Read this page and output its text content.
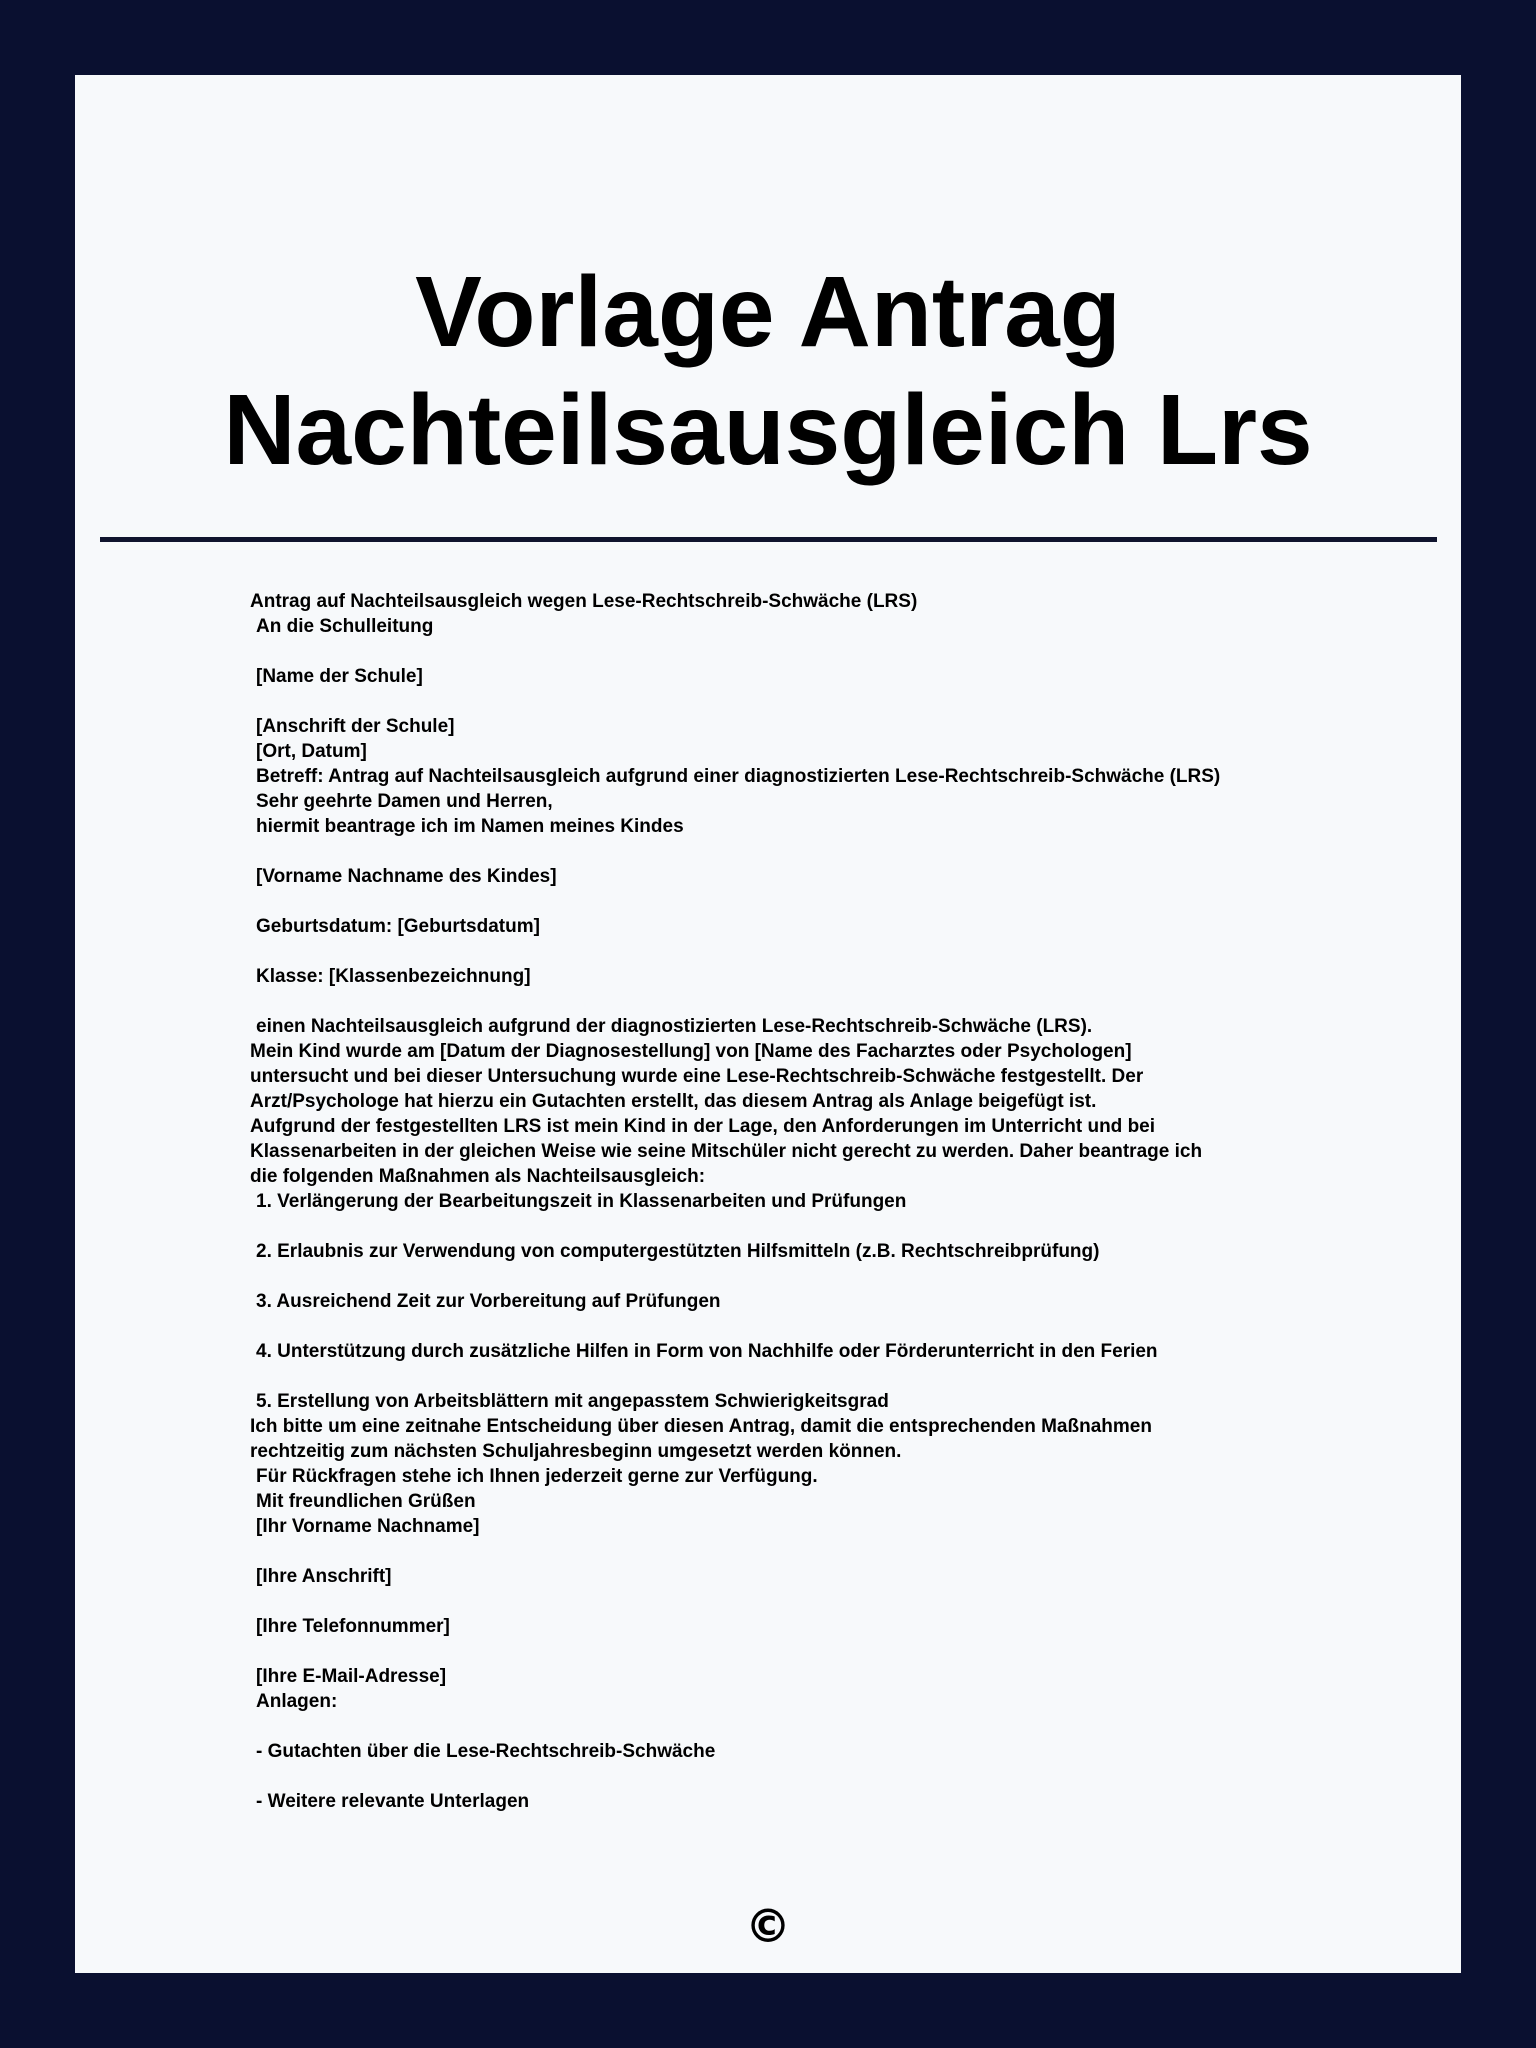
Vorlage Antrag
Nachteilsausgleich Lrs
Antrag auf Nachteilsausgleich wegen Lese-Rechtschreib-Schwäche (LRS)
An die Schulleitung
[Name der Schule]
[Anschrift der Schule]
[Ort, Datum]
Betreff: Antrag auf Nachteilsausgleich aufgrund einer diagnostizierten Lese-Rechtschreib-Schwäche (LRS)
Sehr geehrte Damen und Herren,
hiermit beantrage ich im Namen meines Kindes
[Vorname Nachname des Kindes]
Geburtsdatum: [Geburtsdatum]
Klasse: [Klassenbezeichnung]
einen Nachteilsausgleich aufgrund der diagnostizierten Lese-Rechtschreib-Schwäche (LRS).
Mein Kind wurde am [Datum der Diagnosestellung] von [Name des Facharztes oder Psychologen]
untersucht und bei dieser Untersuchung wurde eine Lese-Rechtschreib-Schwäche festgestellt. Der
Arzt/Psychologe hat hierzu ein Gutachten erstellt, das diesem Antrag als Anlage beigefügt ist.
Aufgrund der festgestellten LRS ist mein Kind in der Lage, den Anforderungen im Unterricht und bei
Klassenarbeiten in der gleichen Weise wie seine Mitschüler nicht gerecht zu werden. Daher beantrage ich
die folgenden Maßnahmen als Nachteilsausgleich:
1. Verlängerung der Bearbeitungszeit in Klassenarbeiten und Prüfungen
2. Erlaubnis zur Verwendung von computergestützten Hilfsmitteln (z.B. Rechtschreibprüfung)
3. Ausreichend Zeit zur Vorbereitung auf Prüfungen
4. Unterstützung durch zusätzliche Hilfen in Form von Nachhilfe oder Förderunterricht in den Ferien
5. Erstellung von Arbeitsblättern mit angepasstem Schwierigkeitsgrad
Ich bitte um eine zeitnahe Entscheidung über diesen Antrag, damit die entsprechenden Maßnahmen
rechtzeitig zum nächsten Schuljahresbeginn umgesetzt werden können.
Für Rückfragen stehe ich Ihnen jederzeit gerne zur Verfügung.
Mit freundlichen Grüßen
[Ihr Vorname Nachname]
[Ihre Anschrift]
[Ihre Telefonnummer]
[Ihre E-Mail-Adresse]
Anlagen:
- Gutachten über die Lese-Rechtschreib-Schwäche
- Weitere relevante Unterlagen
©
